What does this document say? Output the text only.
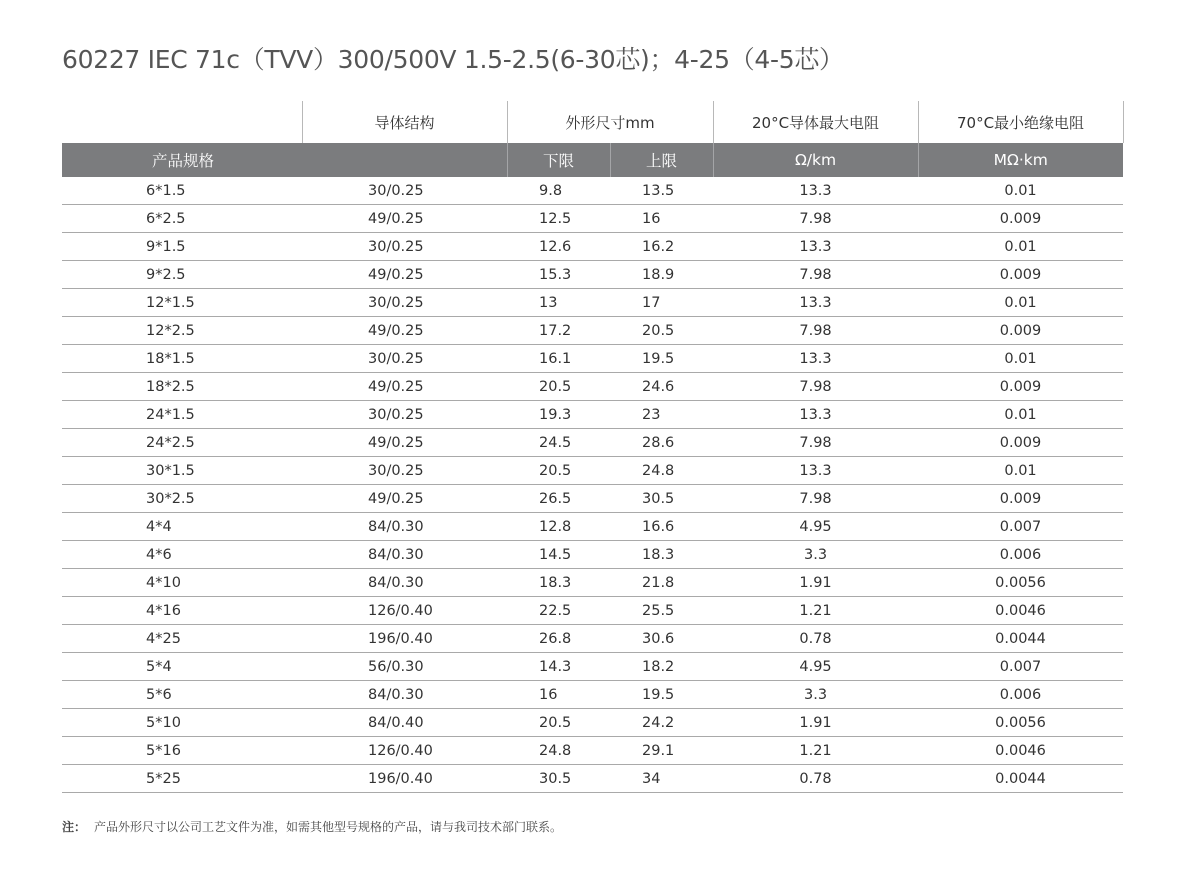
60227 IEC 71c（TVV）300/500V 1.5-2.5(6-30芯)；4-25（4-5芯）
	导体结构	外形尺寸mm		20°C导体最大电阻	70°C最小绝缘电阻
产品规格		下限	上限	Ω/km	MΩ·km
6*1.5	30/0.25	9.8	13.5	13.3	0.01
6*2.5	49/0.25	12.5	16	7.98	0.009
9*1.5	30/0.25	12.6	16.2	13.3	0.01
9*2.5	49/0.25	15.3	18.9	7.98	0.009
12*1.5	30/0.25	13	17	13.3	0.01
12*2.5	49/0.25	17.2	20.5	7.98	0.009
18*1.5	30/0.25	16.1	19.5	13.3	0.01
18*2.5	49/0.25	20.5	24.6	7.98	0.009
24*1.5	30/0.25	19.3	23	13.3	0.01
24*2.5	49/0.25	24.5	28.6	7.98	0.009
30*1.5	30/0.25	20.5	24.8	13.3	0.01
30*2.5	49/0.25	26.5	30.5	7.98	0.009
4*4	84/0.30	12.8	16.6	4.95	0.007
4*6	84/0.30	14.5	18.3	3.3	0.006
4*10	84/0.30	18.3	21.8	1.91	0.0056
4*16	126/0.40	22.5	25.5	1.21	0.0046
4*25	196/0.40	26.8	30.6	0.78	0.0044
5*4	56/0.30	14.3	18.2	4.95	0.007
5*6	84/0.30	16	19.5	3.3	0.006
5*10	84/0.40	20.5	24.2	1.91	0.0056
5*16	126/0.40	24.8	29.1	1.21	0.0046
5*25	196/0.40	30.5	34	0.78	0.0044
注： 产品外形尺寸以公司工艺文件为准，如需其他型号规格的产品，请与我司技术部门联系。
